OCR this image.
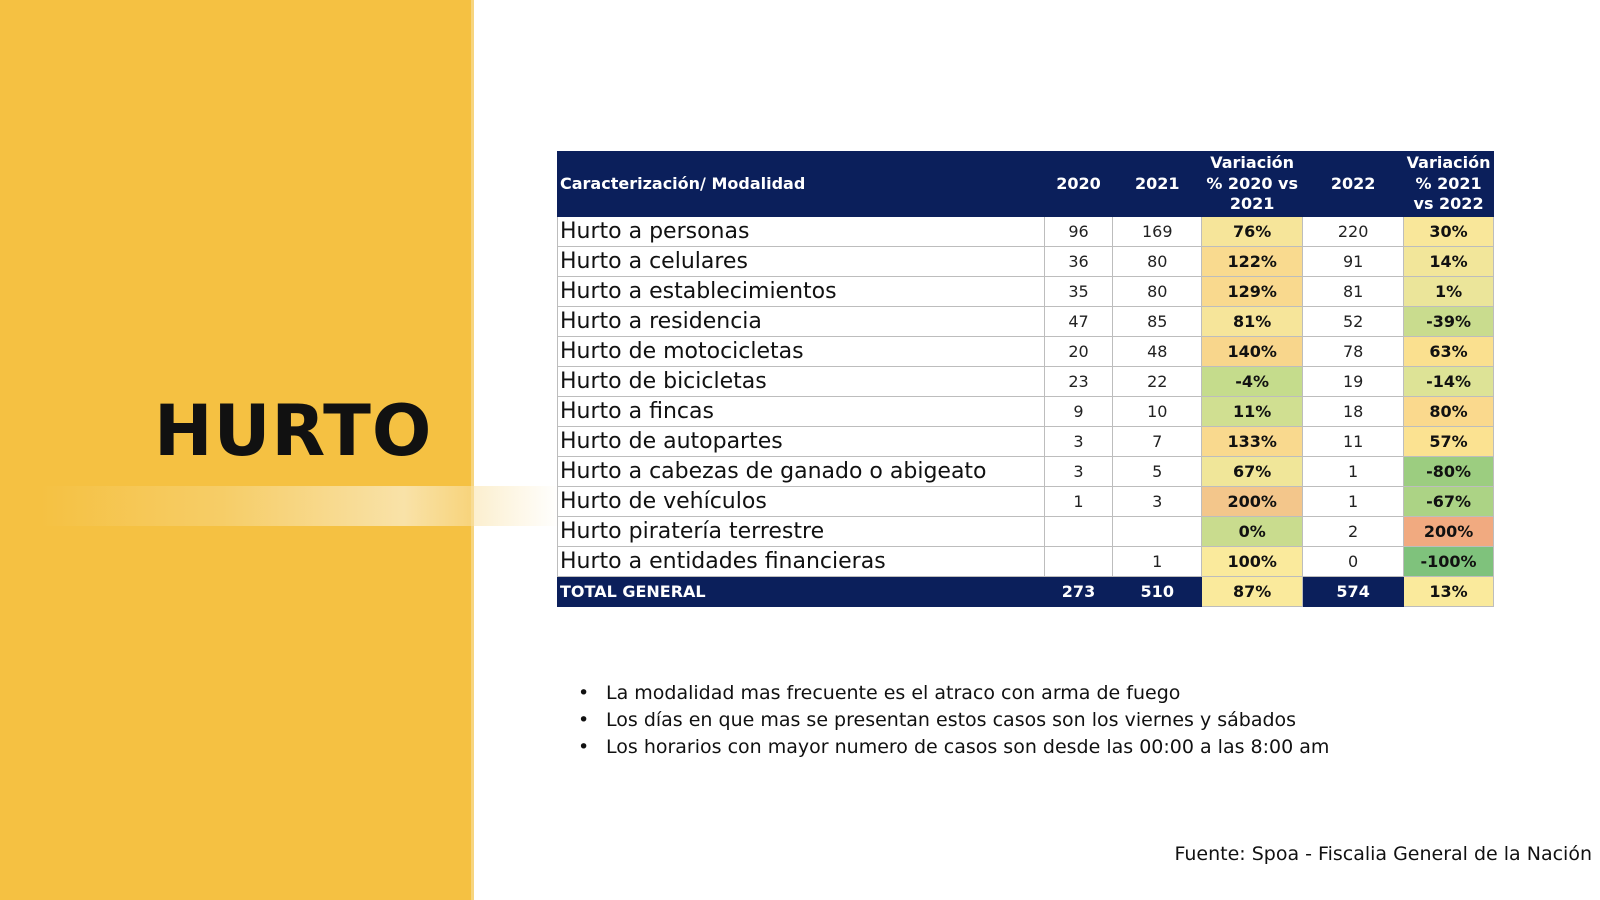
HURTO
Caracterización/ Modalidad	2020	2021	Variación % 2020 vs 2021	2022	Variación % 2021 vs 2022
Hurto a personas	96	169	76%	220	30%
Hurto a celulares	36	80	122%	91	14%
Hurto a establecimientos	35	80	129%	81	1%
Hurto a residencia	47	85	81%	52	-39%
Hurto de motocicletas	20	48	140%	78	63%
Hurto de bicicletas	23	22	-4%	19	-14%
Hurto a fincas	9	10	11%	18	80%
Hurto de autopartes	3	7	133%	11	57%
Hurto a cabezas de ganado o abigeato	3	5	67%	1	-80%
Hurto de vehículos	1	3	200%	1	-67%
Hurto piratería terrestre			0%	2	200%
Hurto a entidades financieras		1	100%	0	-100%
TOTAL GENERAL	273	510	87%	574	13%
• La modalidad mas frecuente es el atraco con arma de fuego
• Los días en que mas se presentan estos casos son los viernes y sábados
• Los horarios con mayor numero de casos son desde las 00:00 a las 8:00 am
Fuente: Spoa - Fiscalia General de la Nación
